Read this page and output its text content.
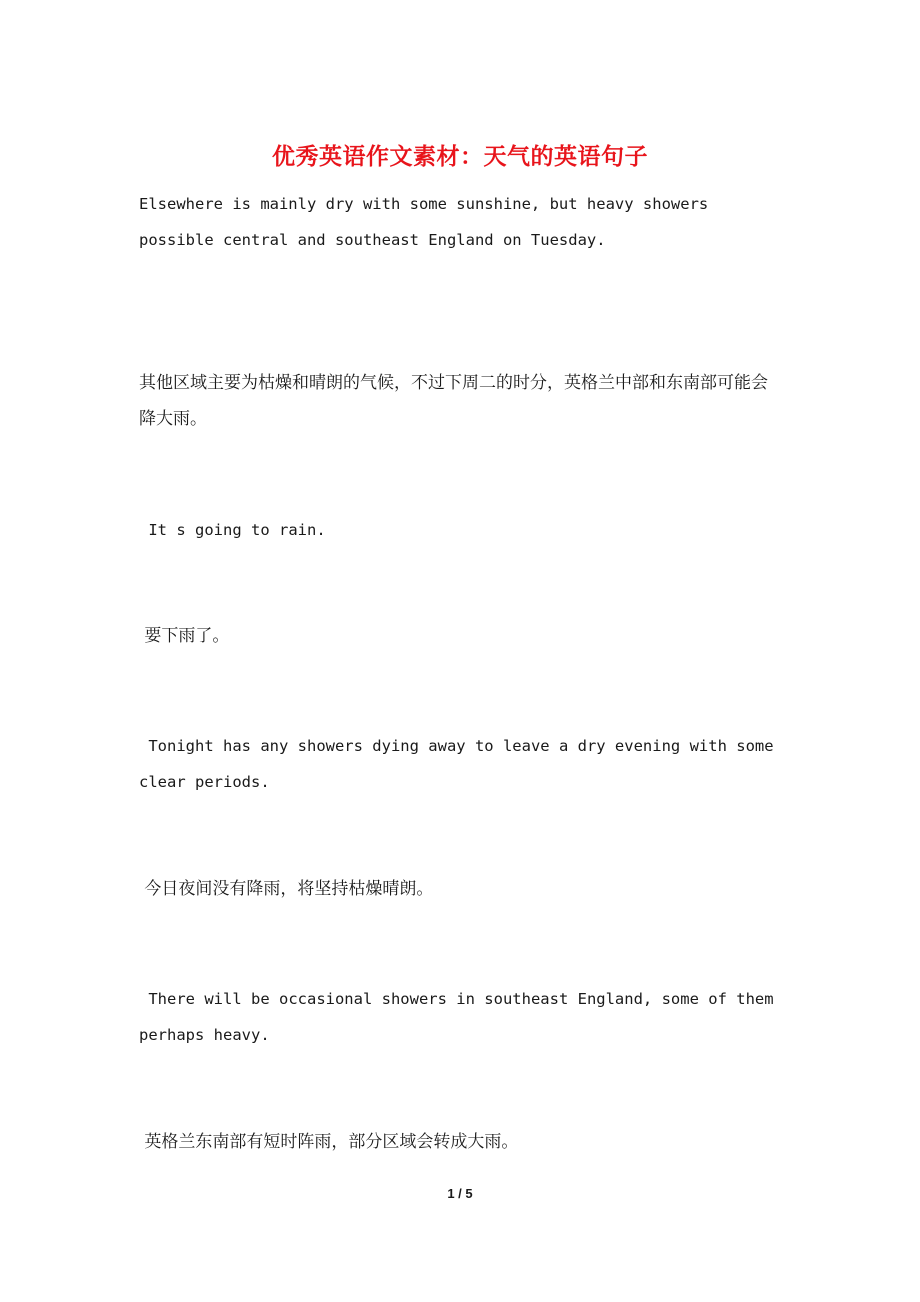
优秀英语作文素材：天气的英语句子

Elsewhere is mainly dry with some sunshine, but heavy showers possible central and southeast England on Tuesday.

其他区域主要为枯燥和晴朗的气候，不过下周二的时分，英格兰中部和东南部可能会降大雨。

It s going to rain.

要下雨了。

Tonight has any showers dying away to leave a dry evening with some clear periods.

今日夜间没有降雨，将坚持枯燥晴朗。

There will be occasional showers in southeast England, some of them perhaps heavy.

英格兰东南部有短时阵雨，部分区域会转成大雨。

1 / 5
